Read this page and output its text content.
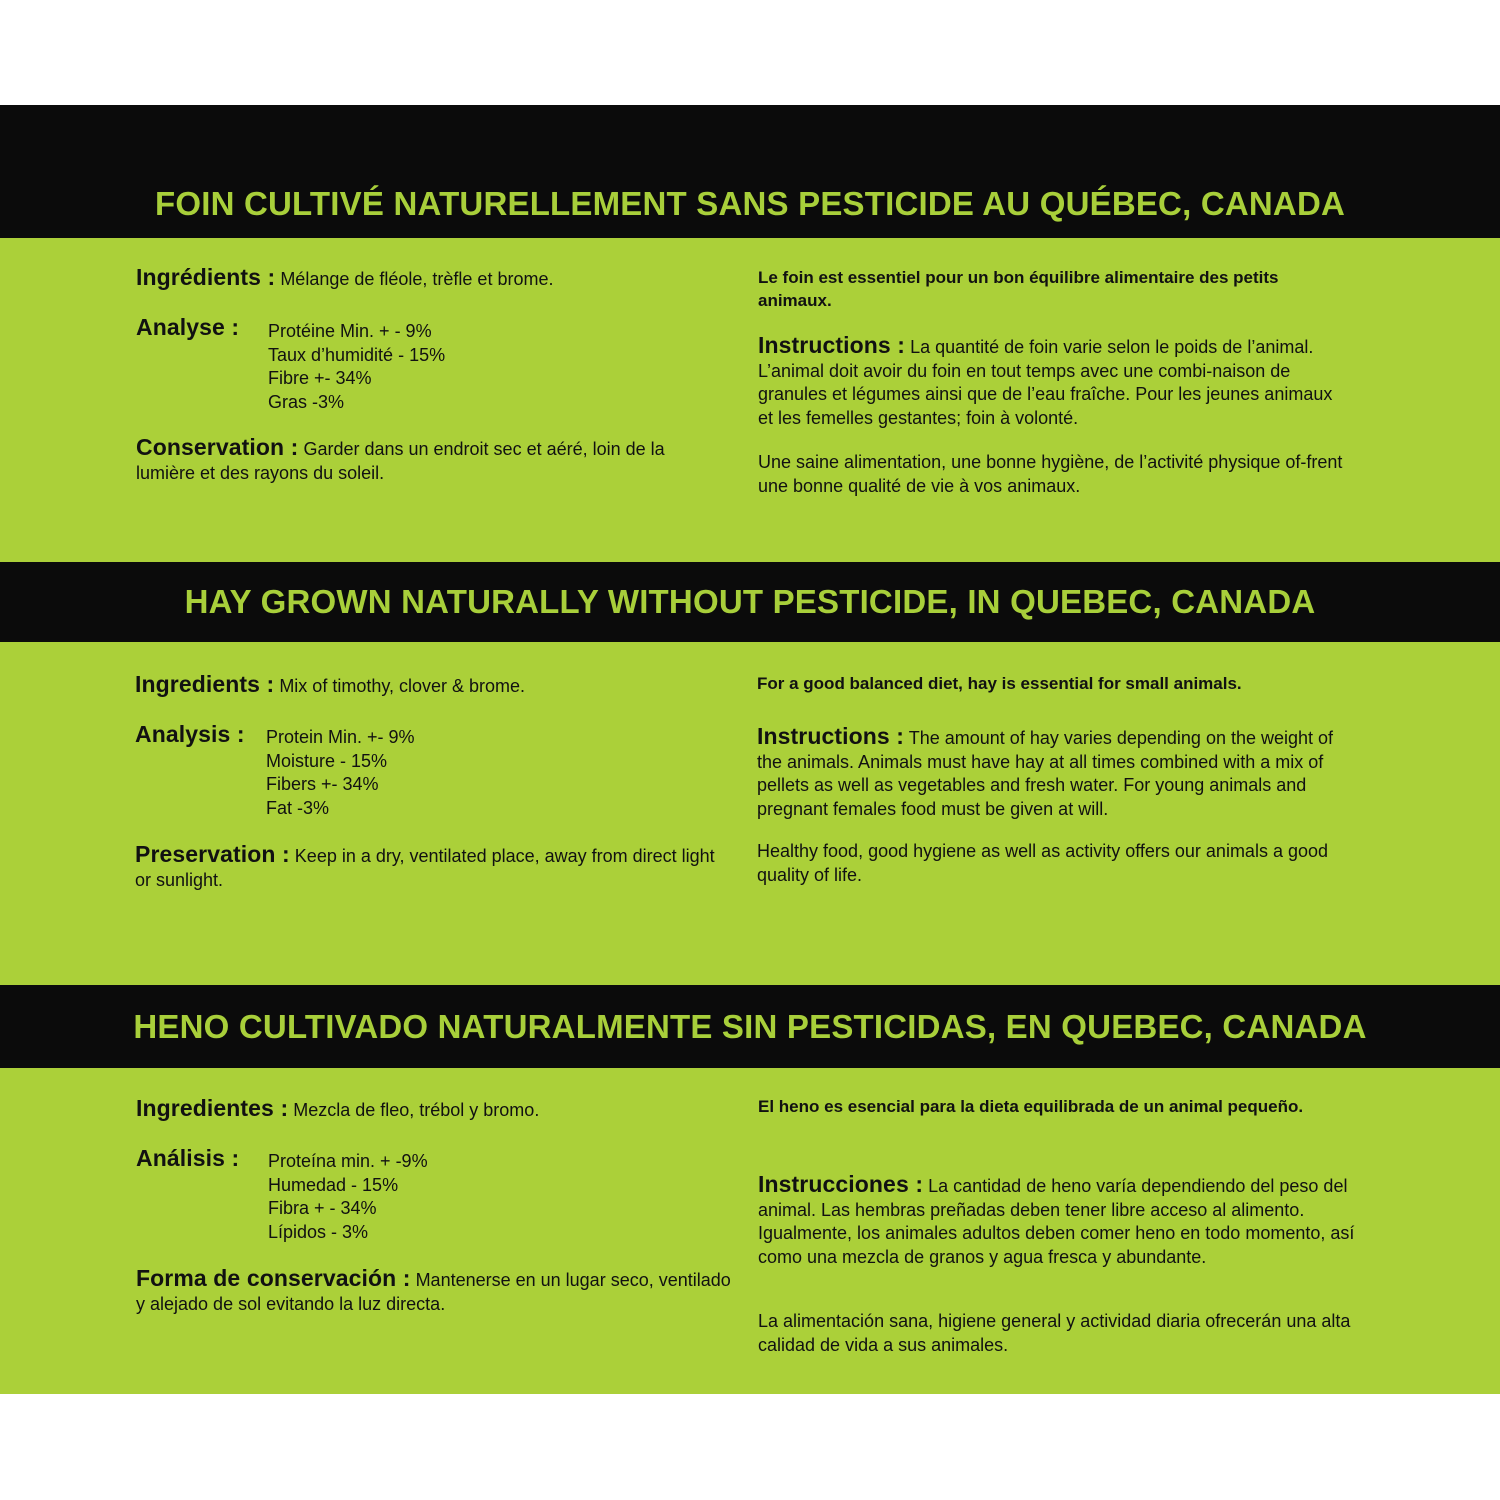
FOIN CULTIVÉ NATURELLEMENT SANS PESTICIDE AU QUÉBEC, CANADA
Ingrédients : Mélange de fléole, trèfle et brome.
Analyse : Protéine Min. + - 9%
Taux d’humidité - 15%
Fibre +- 34%
Gras -3%
Conservation : Garder dans un endroit sec et aéré, loin de la lumière et des rayons du soleil.
Le foin est essentiel pour un bon équilibre alimentaire des petits animaux.
Instructions : La quantité de foin varie selon le poids de l’animal. L’animal doit avoir du foin en tout temps avec une combi-naison de granules et légumes ainsi que de l’eau fraîche. Pour les jeunes animaux et les femelles gestantes; foin à volonté.
Une saine alimentation, une bonne hygiène, de l’activité physique of-frent une bonne qualité de vie à vos animaux.
HAY GROWN NATURALLY WITHOUT PESTICIDE, IN QUEBEC, CANADA
Ingredients : Mix of timothy, clover & brome.
Analysis : Protein Min. +- 9%
Moisture - 15%
Fibers +- 34%
Fat -3%
Preservation : Keep in a dry, ventilated place, away from direct light or sunlight.
For a good balanced diet, hay is essential for small animals.
Instructions : The amount of hay varies depending on the weight of the animals. Animals must have hay at all times combined with a mix of pellets as well as vegetables and fresh water. For young animals and pregnant females food must be given at will.
Healthy food, good hygiene as well as activity offers our animals a good quality of life.
HENO CULTIVADO NATURALMENTE SIN PESTICIDAS, EN QUEBEC, CANADA
Ingredientes : Mezcla de fleo, trébol y bromo.
Análisis : Proteína min. + -9%
Humedad - 15%
Fibra + - 34%
Lípidos - 3%
Forma de conservación : Mantenerse en un lugar seco, ventilado y alejado de sol evitando la luz directa.
El heno es esencial para la dieta equilibrada de un animal pequeño.
Instrucciones : La cantidad de heno varía dependiendo del peso del animal. Las hembras preñadas deben tener libre acceso al alimento. Igualmente, los animales adultos deben comer heno en todo momento, así como una mezcla de granos y agua fresca y abundante.
La alimentación sana, higiene general y actividad diaria ofrecerán una alta calidad de vida a sus animales.
